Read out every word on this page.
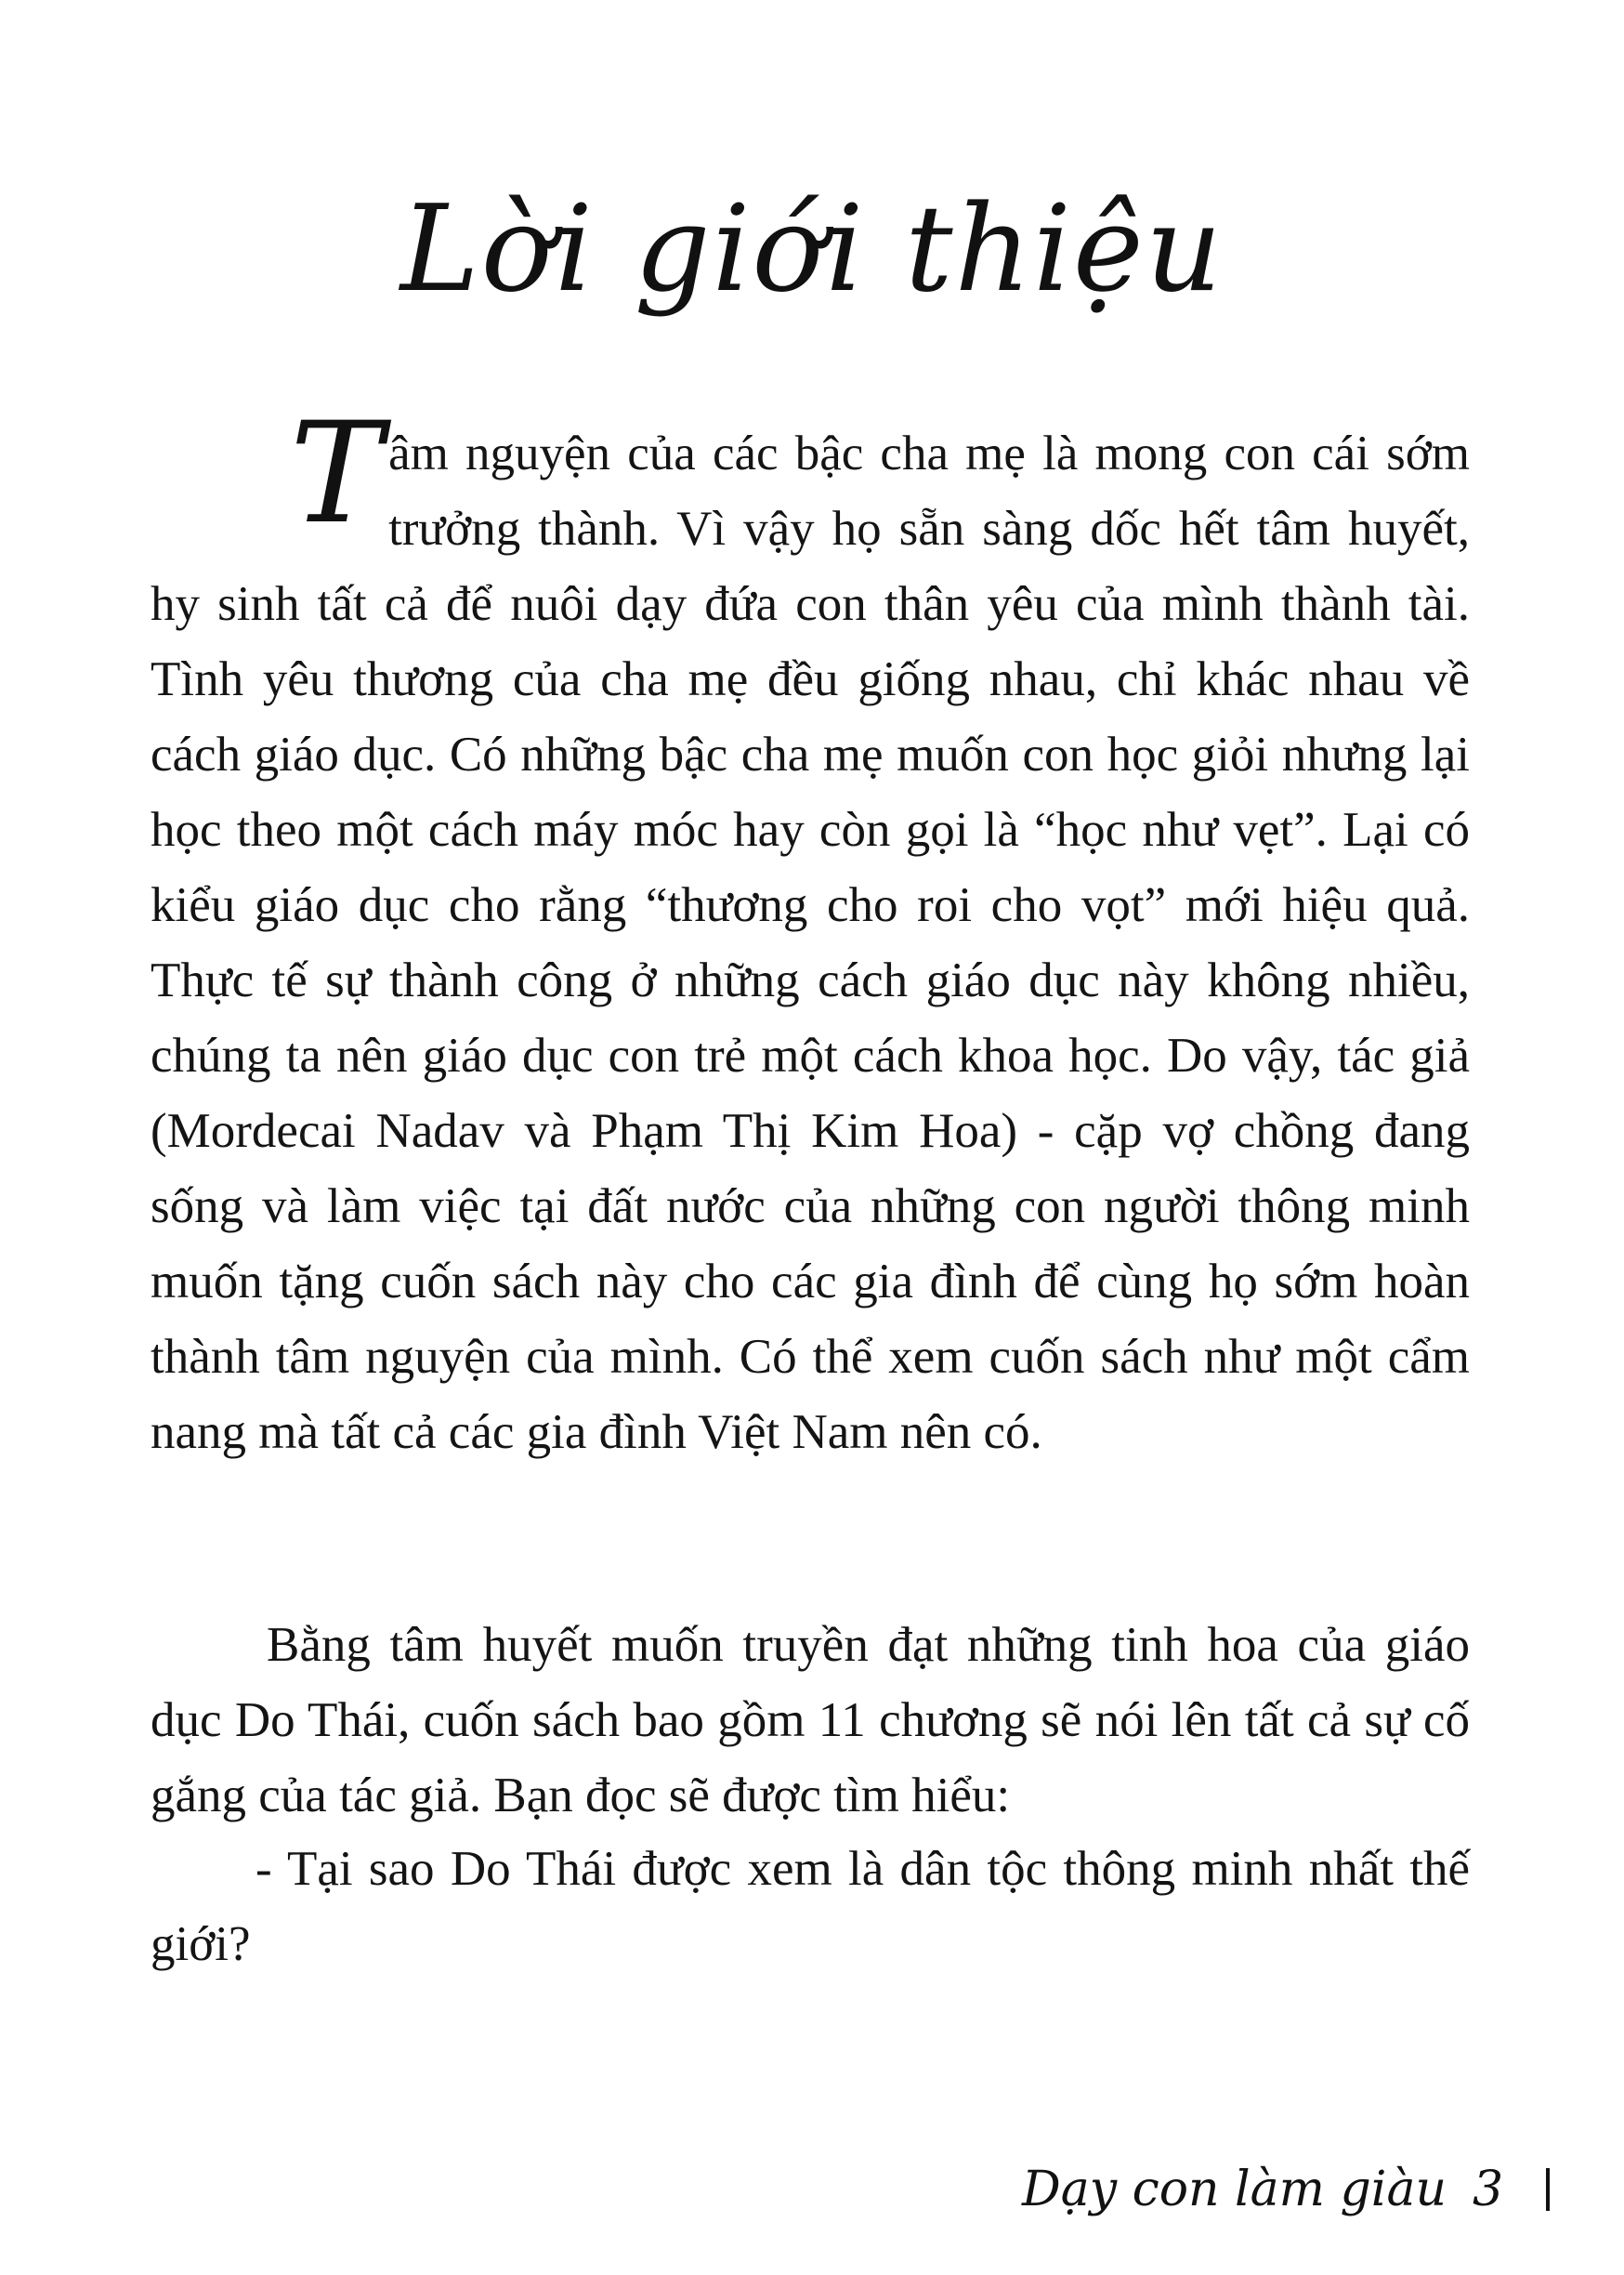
Lời giới thiệu
Tâm nguyện của các bậc cha mẹ là mong con cái sớm trưởng thành. Vì vậy họ sẵn sàng dốc hết tâm huyết, hy sinh tất cả để nuôi dạy đứa con thân yêu của mình thành tài. Tình yêu thương của cha mẹ đều giống nhau, chỉ khác nhau về cách giáo dục. Có những bậc cha mẹ muốn con học giỏi nhưng lại học theo một cách máy móc hay còn gọi là “học như vẹt”. Lại có kiểu giáo dục cho rằng “thương cho roi cho vọt” mới hiệu quả. Thực tế sự thành công ở những cách giáo dục này không nhiều, chúng ta nên giáo dục con trẻ một cách khoa học. Do vậy, tác giả (Mordecai Nadav và Phạm Thị Kim Hoa) - cặp vợ chồng đang sống và làm việc tại đất nước của những con người thông minh muốn tặng cuốn sách này cho các gia đình để cùng họ sớm hoàn thành tâm nguyện của mình. Có thể xem cuốn sách như một cẩm nang mà tất cả các gia đình Việt Nam nên có.
Bằng tâm huyết muốn truyền đạt những tinh hoa của giáo dục Do Thái, cuốn sách bao gồm 11 chương sẽ nói lên tất cả sự cố gắng của tác giả. Bạn đọc sẽ được tìm hiểu:
- Tại sao Do Thái được xem là dân tộc thông minh nhất thế giới?
Dạy con làm giàu 3
